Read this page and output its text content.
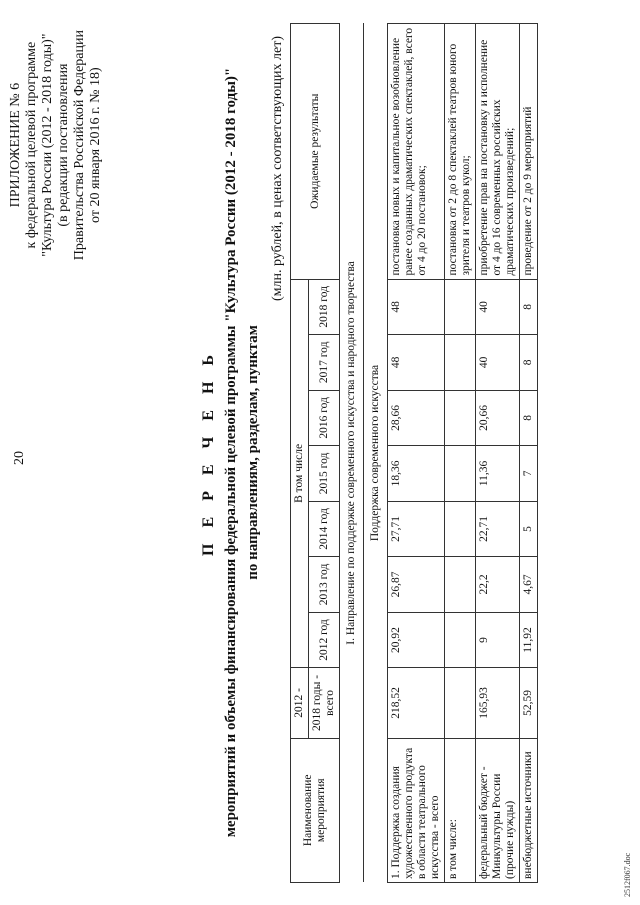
20
ПРИЛОЖЕНИЕ № 6 к федеральной целевой программе "Культура России (2012 - 2018 годы)" (в редакции постановления Правительства Российской Федерации от 20 января 2016 г. № 18)
П Е Р Е Ч Е Н Ь мероприятий и объемы финансирования федеральной целевой программы "Культура России (2012 - 2018 годы)" по направлениям, разделам, пунктам
(млн. рублей, в ценах соответствующих лет)
Наименование мероприятия	2012 -	В том числе							Ожидаемые результаты
	2018 годы - всего	2012 год	2013 год	2014 год	2015 год	2016 год	2017 год	2018 год	
I. Направление по поддержке современного искусства и народного творчества									
Поддержка современного искусства									
1. Поддержка создания художественного продукта в области театрального искусства - всего	218,52	20,92	26,87	27,71	18,36	28,66	48	48	постановка новых и капитальное возобновление ранее созданных драматических спектаклей, всего от 4 до 20 постановок;
в том числе:									постановка от 2 до 8 спектаклей театров юного зрителя и театров кукол;
федеральный бюджет - Минкультуры России (прочие нужды)	165,93	9	22,2	22,71	11,36	20,66	40	40	приобретение прав на постановку и исполнение от 4 до 16 современных российских драматических произведений;
внебюджетные источники	52,59	11,92	4,67	5	7	8	8	8	проведение от 2 до 9 мероприятий
2512f067.doc
